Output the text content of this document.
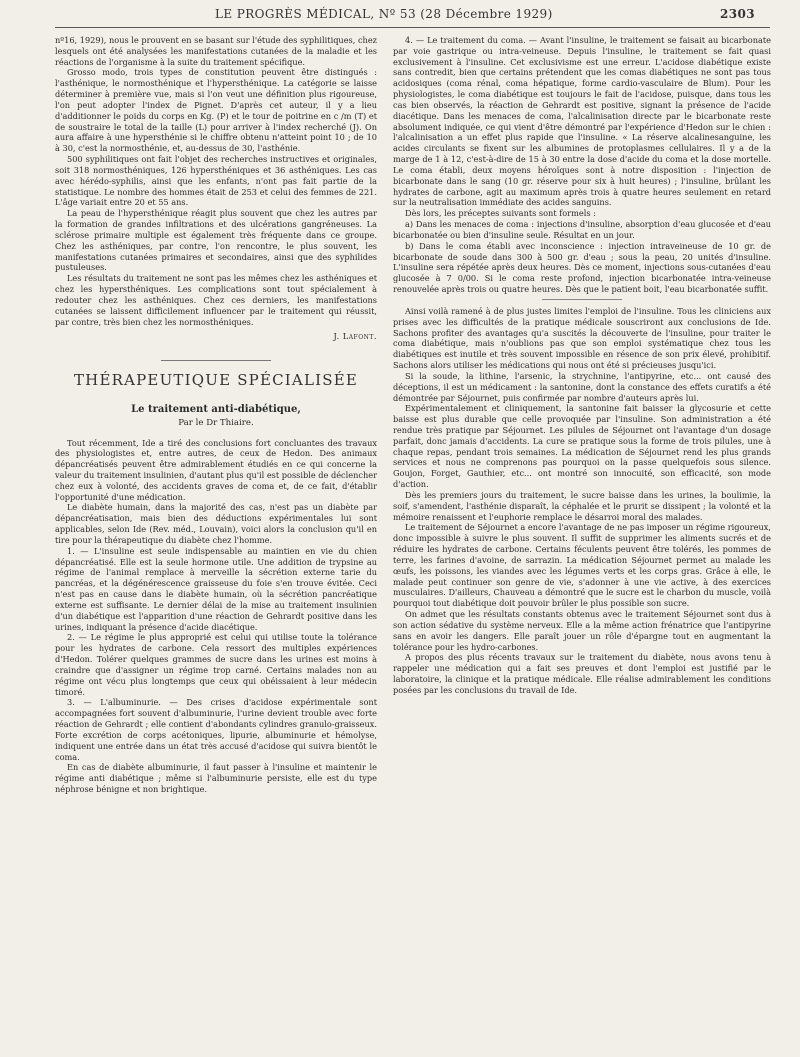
LE PROGRÈS MÉDICAL, Nº 53 (28 Décembre 1929)	2303

nº16, 1929), nous le prouvent en se basant sur l'étude des syphilitiques, chez lesquels ont été analysées les manifestations cutanées de la maladie et les réactions de l'organisme à la suite du traitement spécifique.

Grosso modo, trois types de constitution peuvent être distingués : l'asthénique, le normosthénique et l'hypersthénique. La catégorie se laisse déterminer à première vue, mais si l'on veut une définition plus rigoureuse, l'on peut adopter l'index de Pignet. D'après cet auteur, il y a lieu d'additionner le poids du corps en Kg. (P) et le tour de poitrine en c /m (T) et de soustraire le total de la taille (L) pour arriver à l'index recherché (J). On aura affaire à une hypersthénie si le chiffre obtenu n'atteint point 10 ; de 10 à 30, c'est la normosthénie, et, au-dessus de 30, l'asthénie.

500 syphilitiques ont fait l'objet des recherches instructives et originales, soit 318 normosthéniques, 126 hypersthéniques et 36 asthéniques. Les cas avec hérédo-syphilis, ainsi que les enfants, n'ont pas fait partie de la statistique. Le nombre des hommes était de 253 et celui des femmes de 221. L'âge variait entre 20 et 55 ans.

La peau de l'hypersthénique réagit plus souvent que chez les autres par la formation de grandes infiltrations et des ulcérations gangréneuses. La sclérose primaire multiple est également très fréquente dans ce groupe. Chez les asthéniques, par contre, l'on rencontre, le plus souvent, les manifestations cutanées primaires et secondaires, ainsi que des syphilides pustuleuses.

Les résultats du traitement ne sont pas les mêmes chez les asthéniques et chez les hypersthéniques. Les complications sont tout spécialement à redouter chez les asthéniques. Chez ces derniers, les manifestations cutanées se laissent difficilement influencer par le traitement qui réussit, par contre, très bien chez les normosthéniques.

J. Lafont.

THÉRAPEUTIQUE SPÉCIALISÉE
Le traitement anti-diabétique,
Par le Dr Thiaire.

Tout récemment, Ide a tiré des conclusions fort concluantes des travaux des physiologistes et, entre autres, de ceux de Hedon. Des animaux dépancréatisés peuvent être admirablement étudiés en ce qui concerne la valeur du traitement insulinien, d'autant plus qu'il est possible de déclencher chez eux à volonté, des accidents graves de coma et, de ce fait, d'établir l'opportunité d'une médication.

Le diabète humain, dans la majorité des cas, n'est pas un diabète par dépancréatisation, mais bien des déductions expérimentales lui sont applicables, selon Ide (Rev. méd., Louvain), voici alors la conclusion qu'il en tire pour la thérapeutique du diabète chez l'homme.

1. — L'insuline est seule indispensable au maintien en vie du chien dépancréatisé. Elle est la seule hormone utile. Une addition de trypsine au régime de l'animal remplace à merveille la sécrétion externe tarie du pancréas, et la dégénérescence graisseuse du foie s'en trouve évitée. Ceci n'est pas en cause dans le diabète humain, où la sécrétion pancréatique externe est suffisante. Le dernier délai de la mise au traitement insulinien d'un diabétique est l'apparition d'une réaction de Gehrardt positive dans les urines, indiquant la présence d'acide diacétique.

2. — Le régime le plus approprié est celui qui utilise toute la tolérance pour les hydrates de carbone. Cela ressort des multiples expériences d'Hedon. Tolérer quelques grammes de sucre dans les urines est moins à craindre que d'assigner un régime trop carné. Certains malades non au régime ont vécu plus longtemps que ceux qui obéissaient à leur médecin timoré.

3. — L'albuminurie. — Des crises d'acidose expérimentale sont accompagnées fort souvent d'albuminurie, l'urine devient trouble avec forte réaction de Gehrardt ; elle contient d'abondants cylindres granulo-graisseux. Forte excrétion de corps acétoniques, lipurie, albuminurie et hémolyse, indiquent une entrée dans un état très accusé d'acidose qui suivra bientôt le coma.

En cas de diabète albuminurie, il faut passer à l'insuline et maintenir le régime anti diabétique ; même si l'albuminurie persiste, elle est du type néphrose bénigne et non brightique.

4. — Le traitement du coma. — Avant l'insuline, le traitement se faisait au bicarbonate par voie gastrique ou intra-veineuse. Depuis l'insuline, le traitement se fait quasi exclusivement à l'insuline. Cet exclusivisme est une erreur. L'acidose diabétique existe sans contredit, bien que certains prétendent que les comas diabétiques ne sont pas tous acidosiques (coma rénal, coma hépatique, forme cardio-vasculaire de Blum). Pour les physiologistes, le coma diabétique est toujours le fait de l'acidose, puisque, dans tous les cas bien observés, la réaction de Gehrardt est positive, signant la présence de l'acide diacétique. Dans les menaces de coma, l'alcalinisation directe par le bicarbonate reste absolument indiquée, ce qui vient d'être démontré par l'expérience d'Hedon sur le chien : l'alcalinisation a un effet plus rapide que l'insuline. « La réserve alcalinesanguine, les acides circulants se fixent sur les albumines de protoplasmes cellulaires. Il y a de la marge de 1 à 12, c'est-à-dire de 15 à 30 entre la dose d'acide du coma et la dose mortelle. Le coma établi, deux moyens héroïques sont à notre disposition : l'injection de bicarbonate dans le sang (10 gr. réserve pour six à huit heures) ; l'insuline, brûlant les hydrates de carbone, agit au maximum après trois à quatre heures seulement en retard sur la neutralisation immédiate des acides sanguins.

Dès lors, les préceptes suivants sont formels :

a) Dans les menaces de coma : injections d'insuline, absorption d'eau glucosée et d'eau bicarbonatée ou bien d'insuline seule. Résultat en un jour.

b) Dans le coma établi avec inconscience : injection intraveineuse de 10 gr. de bicarbonate de soude dans 300 à 500 gr. d'eau ; sous la peau, 20 unités d'insuline. L'insuline sera répétée après deux heures. Dès ce moment, injections sous-cutanées d'eau glucosée à 7 0/00. Si le coma reste profond, injection bicarbonatée intra-veineuse renouvelée après trois ou quatre heures. Dès que le patient boit, l'eau bicarbonatée suffit.

Ainsi voilà ramené à de plus justes limites l'emploi de l'insuline. Tous les cliniciens aux prises avec les difficultés de la pratique médicale souscriront aux conclusions de Ide. Sachons profiter des avantages qu'a suscités la découverte de l'insuline, pour traiter le coma diabétique, mais n'oublions pas que son emploi systématique chez tous les diabétiques est inutile et très souvent impossible en résence de son prix élevé, prohibitif. Sachons alors utiliser les médications qui nous ont été si précieuses jusqu'ici.

Si la soude, la lithine, l'arsenic, la strychnine, l'antipyrine, etc... ont causé des déceptions, il est un médicament : la santonine, dont la constance des effets curatifs a été démontrée par Séjournet, puis confirmée par nombre d'auteurs après lui.

Expérimentalement et cliniquement, la santonine fait baisser la glycosurie et cette baisse est plus durable que celle provoquée par l'insuline. Son administration a été rendue très pratique par Séjournet. Les pilules de Séjournet ont l'avantage d'un dosage parfait, donc jamais d'accidents. La cure se pratique sous la forme de trois pilules, une à chaque repas, pendant trois semaines. La médication de Séjournet rend les plus grands services et nous ne comprenons pas pourquoi on la passe quelquefois sous silence. Goujon, Forget, Gauthier, etc... ont montré son innocuité, son efficacité, son mode d'action.

Dès les premiers jours du traitement, le sucre baisse dans les urines, la boulimie, la soif, s'amendent, l'asthénie disparaît, la céphalée et le prurit se dissipent ; la volonté et la mémoire renaissent et l'euphorie remplace le désarroi moral des malades.

Le traitement de Séjournet a encore l'avantage de ne pas imposer un régime rigoureux, donc impossible à suivre le plus souvent. Il suffit de supprimer les aliments sucrés et de réduire les hydrates de carbone. Certains féculents peuvent être tolérés, les pommes de terre, les farines d'avoine, de sarrazin. La médication Séjournet permet au malade les œufs, les poissons, les viandes avec les légumes verts et les corps gras. Grâce à elle, le malade peut continuer son genre de vie, s'adonner à une vie active, à des exercices musculaires. D'ailleurs, Chauveau a démontré que le sucre est le charbon du muscle, voilà pourquoi tout diabétique doit pouvoir brûler le plus possible son sucre.

On admet que les résultats constants obtenus avec le traitement Séjournet sont dus à son action sédative du système nerveux. Elle a la même action frénatrice que l'antipyrine sans en avoir les dangers. Elle paraît jouer un rôle d'épargne tout en augmentant la tolérance pour les hydro-carbones.

A propos des plus récents travaux sur le traitement du diabète, nous avons tenu à rappeler une médication qui a fait ses preuves et dont l'emploi est justifié par le laboratoire, la clinique et la pratique médicale. Elle réalise admirablement les conditions posées par les conclusions du travail de Ide.
